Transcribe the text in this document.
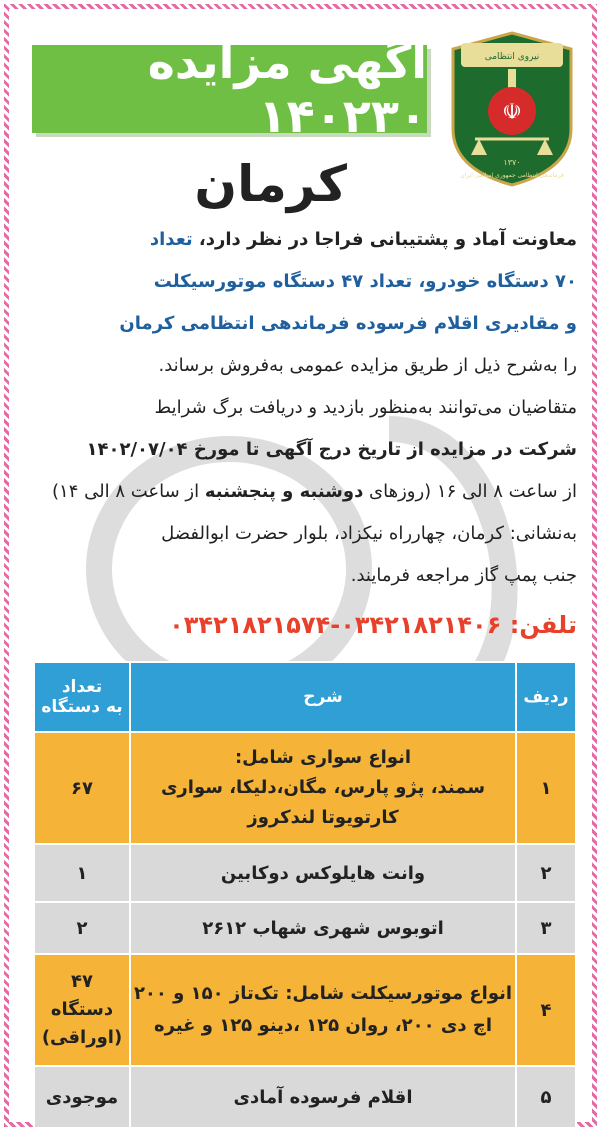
نیروی انتظامی
☫
۱۳۷۰
فرماندهی انتظامی جمهوری اسلامی ایران
آگهی مزایده ۱۴۰۲۳۰
کرمان
معاونت آماد و پشتیبانی فراجا در نظر دارد، تعداد
۷۰ دستگاه خودرو، تعداد ۴۷ دستگاه موتورسیکلت
و مقادیری اقلام فرسوده فرماندهی انتظامی کرمان
را به‌شرح ذیل از طریق مزایده عمومی به‌فروش برساند.
متقاضیان می‌توانند به‌منظور بازدید و دریافت برگ شرایط
شرکت در مزایده از تاریخ درج آگهی تا مورخ ۱۴۰۲/۰۷/۰۴
از ساعت ۸ الی ۱۶ (روزهای دوشنبه و پنجشنبه از ساعت ۸ الی ۱۴)
به‌نشانی: کرمان، چهارراه نیکزاد، بلوار حضرت ابوالفضل
جنب پمپ گاز مراجعه فرمایند.
تلفن: ۰۳۴۲۱۸۲۱۴۰۶-۰۳۴۲۱۸۲۱۵۷۴
ردیف	شرح	تعداد
به دستگاه
۱	انواع سواری شامل:
سمند، پژو پارس، مگان،دلیکا، سواری
کارتویوتا لندکروز	۶۷
۲	وانت هایلوکس دوکابین	۱
۳	اتوبوس شهری شهاب ۲۶۱۲	۲
۴	انواع موتورسیکلت شامل: تک‌تاز ۱۵۰ و ۲۰۰
اچ دی ۲۰۰، روان ۱۲۵ ،دینو ۱۲۵ و غیره	۴۷
دستگاه
(اوراقی)
۵	اقلام فرسوده آمادی	موجودی
